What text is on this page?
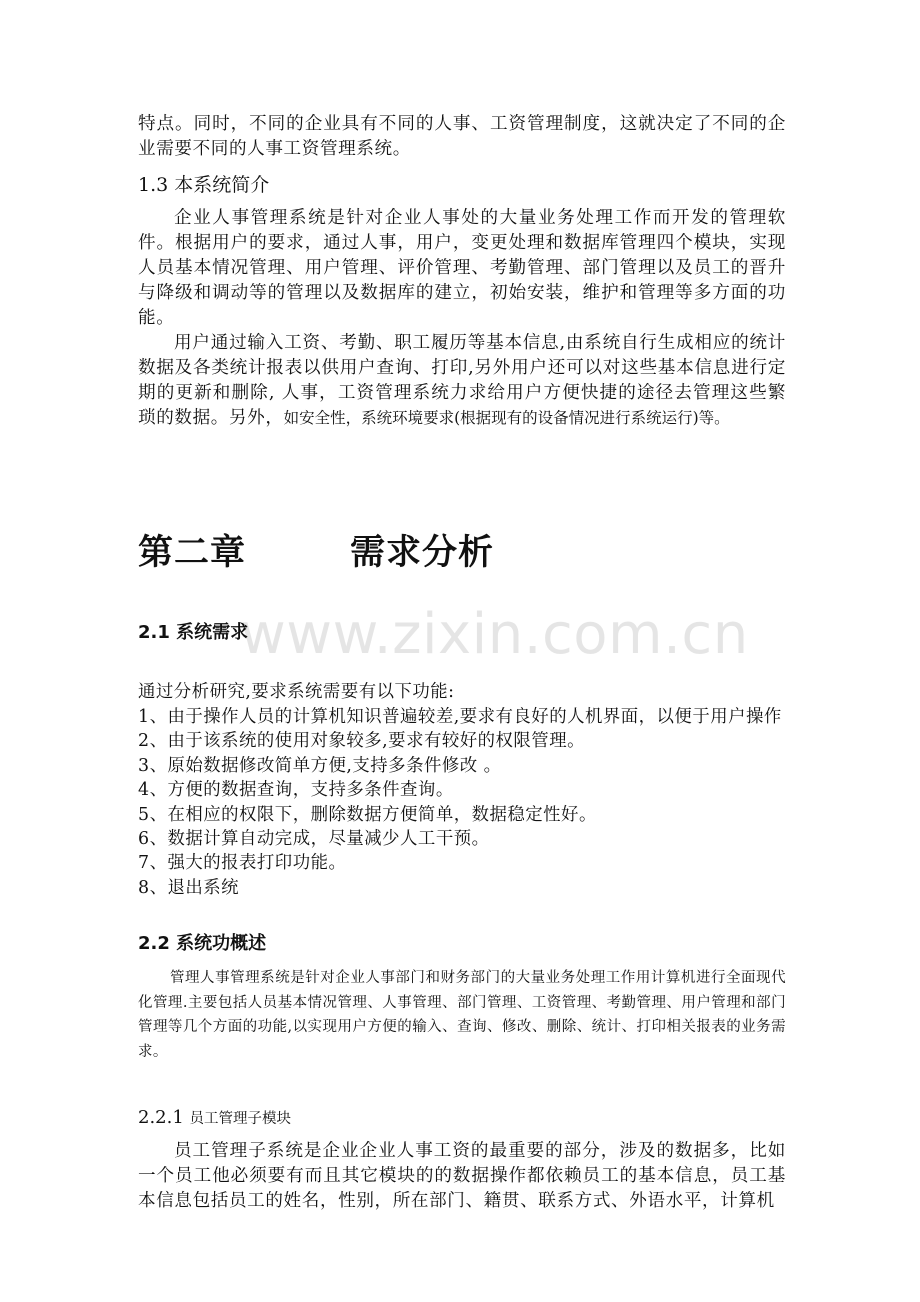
特点。同时，不同的企业具有不同的人事、工资管理制度，这就决定了不同的企业需要不同的人事工资管理系统。

1.3 本系统简介

企业人事管理系统是针对企业人事处的大量业务处理工作而开发的管理软件。根据用户的要求，通过人事，用户，变更处理和数据库管理四个模块，实现人员基本情况管理、用户管理、评价管理、考勤管理、部门管理以及员工的晋升与降级和调动等的管理以及数据库的建立，初始安装，维护和管理等多方面的功能。

用户通过输入工资、考勤、职工履历等基本信息,由系统自行生成相应的统计数据及各类统计报表以供用户查询、打印,另外用户还可以对这些基本信息进行定期的更新和删除, 人事，工资管理系统力求给用户方便快捷的途径去管理这些繁琐的数据。另外，如安全性，系统环境要求(根据现有的设备情况进行系统运行)等。

第二章	需求分析
2.1 系统需求
通过分析研究,要求系统需要有以下功能:
1、由于操作人员的计算机知识普遍较差,要求有良好的人机界面，以便于用户操作
2、由于该系统的使用对象较多,要求有较好的权限管理。
3、原始数据修改简单方便,支持多条件修改 。
4、方便的数据查询，支持多条件查询。
5、在相应的权限下，删除数据方便简单，数据稳定性好。
6、数据计算自动完成，尽量减少人工干预。
7、强大的报表打印功能。
8、退出系统
2.2 系统功概述

管理人事管理系统是针对企业人事部门和财务部门的大量业务处理工作用计算机进行全面现代化管理.主要包括人员基本情况管理、人事管理、部门管理、工资管理、考勤管理、用户管理和部门管理等几个方面的功能,以实现用户方便的输入、查询、修改、删除、统计、打印相关报表的业务需求。

2.2.1 员工管理子模块

员工管理子系统是企业企业人事工资的最重要的部分，涉及的数据多，比如一个员工他必须要有而且其它模块的的数据操作都依赖员工的基本信息，员工基本信息包括员工的姓名，性别，所在部门、籍贯、联系方式、外语水平，计算机

www.zixin.com.cn
